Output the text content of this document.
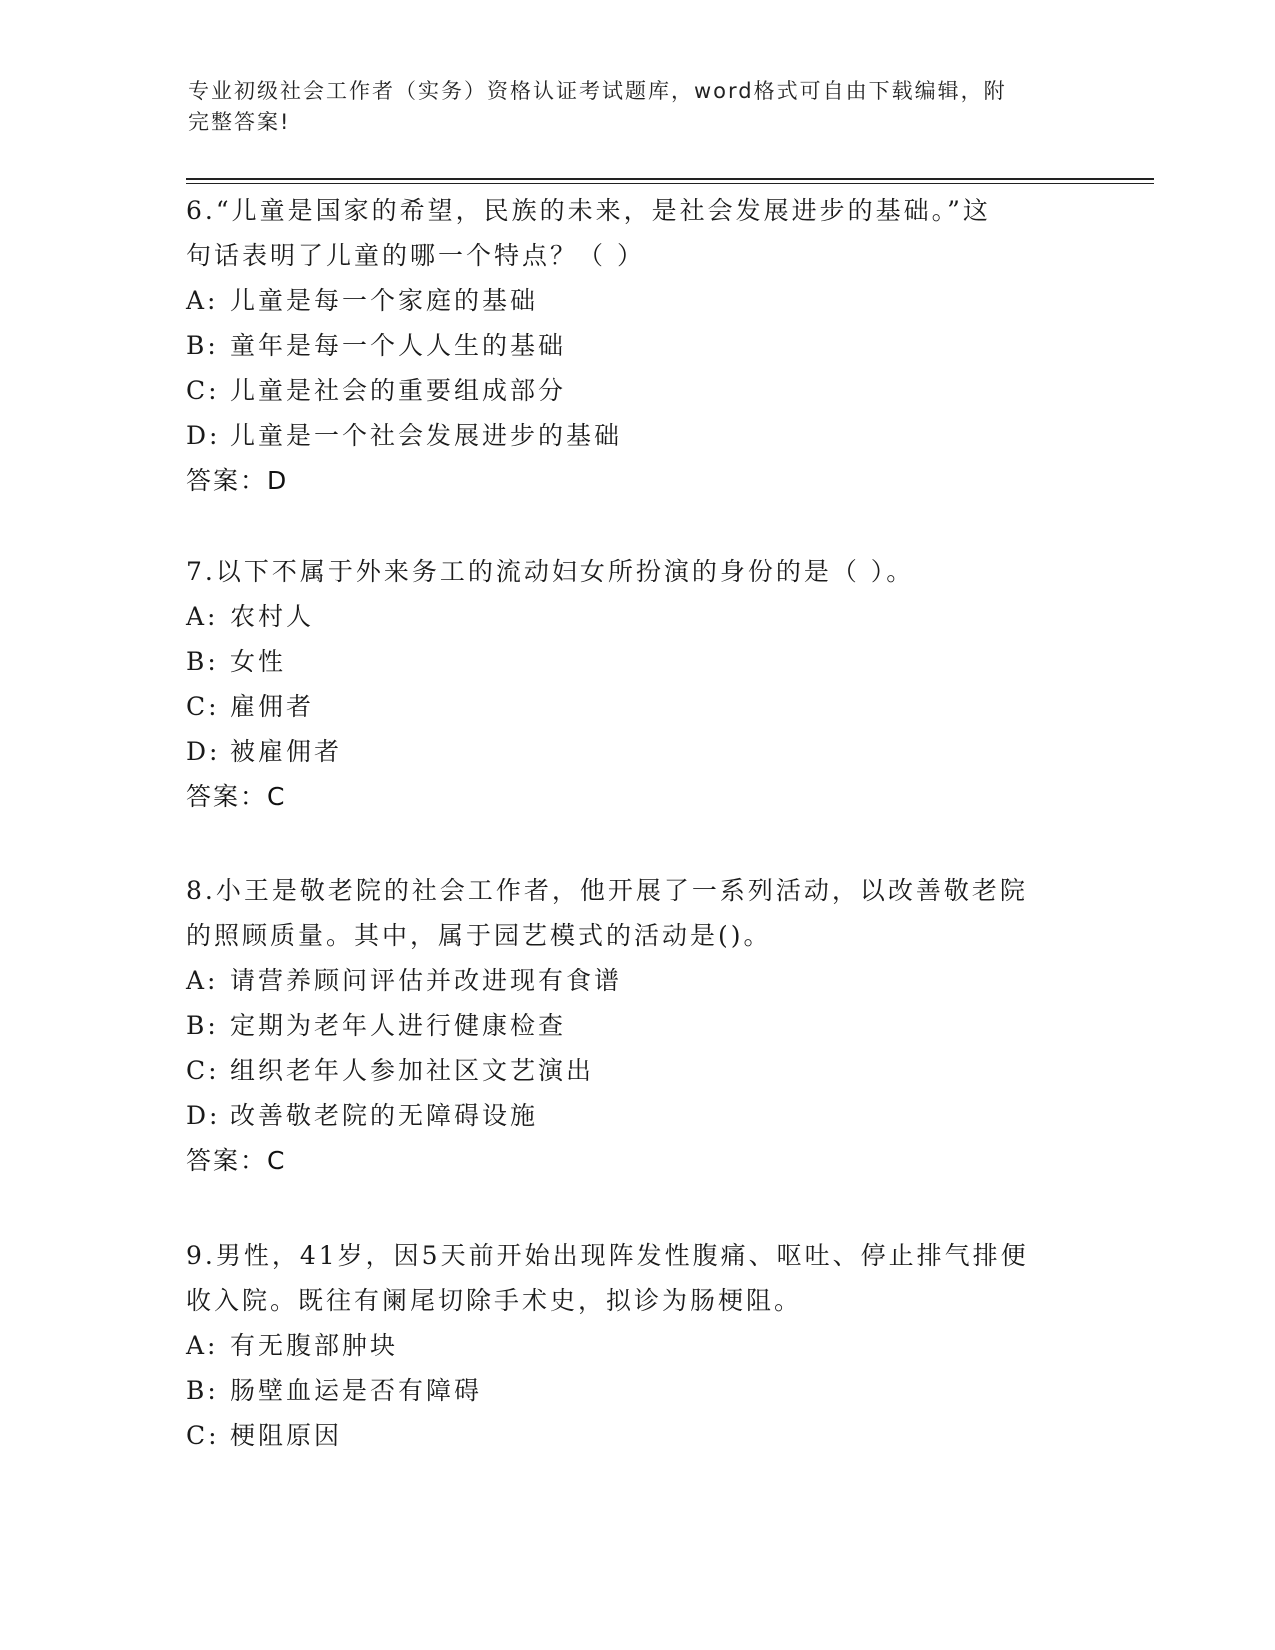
专业初级社会工作者（实务）资格认证考试题库，word格式可自由下载编辑，附
完整答案!

6.“儿童是国家的希望，民族的未来，是社会发展进步的基础。”这

句话表明了儿童的哪一个特点？（ ）

A: 儿童是每一个家庭的基础

B: 童年是每一个人人生的基础

C: 儿童是社会的重要组成部分

D: 儿童是一个社会发展进步的基础

答案：D

7.以下不属于外来务工的流动妇女所扮演的身份的是（ ）。

A: 农村人

B: 女性

C: 雇佣者

D: 被雇佣者

答案：C

8.小王是敬老院的社会工作者，他开展了一系列活动，以改善敬老院

的照顾质量。其中，属于园艺模式的活动是()。

A: 请营养顾问评估并改进现有食谱

B: 定期为老年人进行健康检查

C: 组织老年人参加社区文艺演出

D: 改善敬老院的无障碍设施

答案：C

9.男性，41岁，因5天前开始出现阵发性腹痛、呕吐、停止排气排便

收入院。既往有阑尾切除手术史，拟诊为肠梗阻。

A: 有无腹部肿块

B: 肠壁血运是否有障碍

C: 梗阻原因
